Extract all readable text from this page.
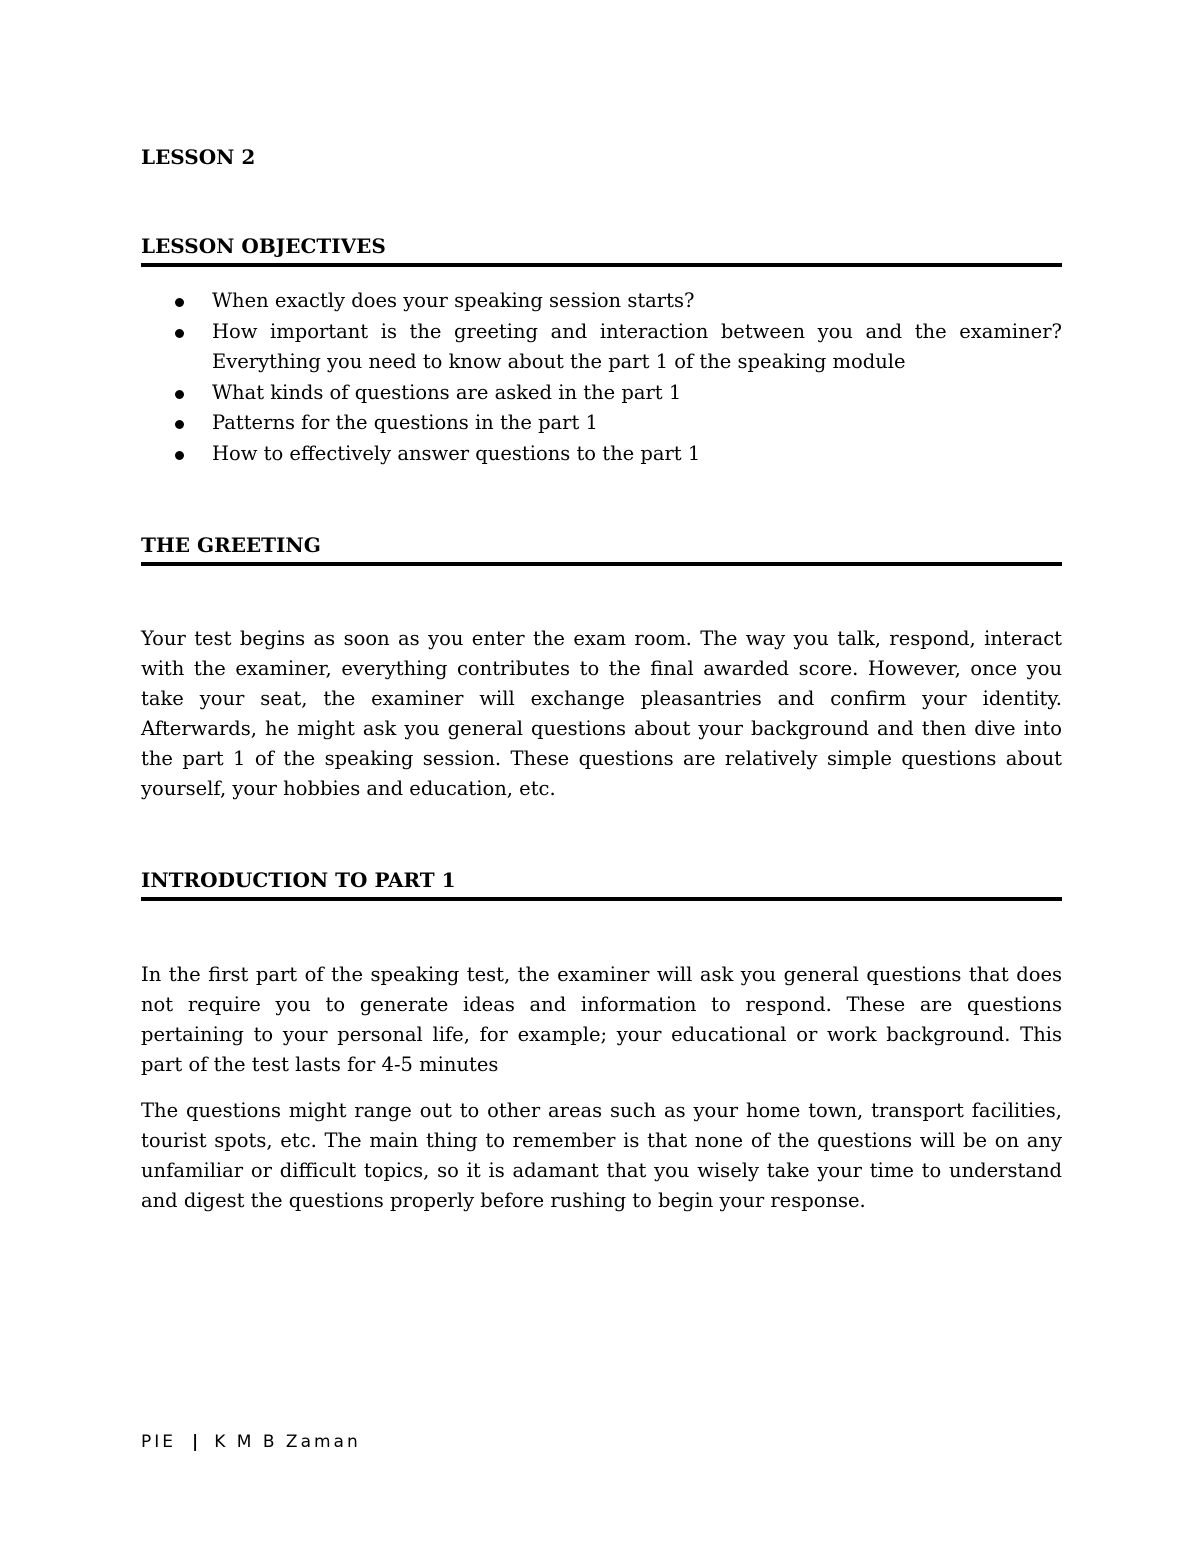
LESSON 2
LESSON OBJECTIVES
When exactly does your speaking session starts?
How important is the greeting and interaction between you and the examiner? Everything you need to know about the part 1 of the speaking module
What kinds of questions are asked in the part 1
Patterns for the questions in the part 1
How to effectively answer questions to the part 1
THE GREETING

Your test begins as soon as you enter the exam room. The way you talk, respond, interact with the examiner, everything contributes to the final awarded score. However, once you take your seat, the examiner will exchange pleasantries and confirm your identity. Afterwards, he might ask you general questions about your background and then dive into the part 1 of the speaking session. These questions are relatively simple questions about yourself, your hobbies and education, etc.

INTRODUCTION TO PART 1

In the first part of the speaking test, the examiner will ask you general questions that does not require you to generate ideas and information to respond. These are questions pertaining to your personal life, for example; your educational or work background. This part of the test lasts for 4-5 minutes

The questions might range out to other areas such as your home town, transport facilities, tourist spots, etc. The main thing to remember is that none of the questions will be on any unfamiliar or difficult topics, so it is adamant that you wisely take your time to understand and digest the questions properly before rushing to begin your response.

PIE | K M B Zaman
